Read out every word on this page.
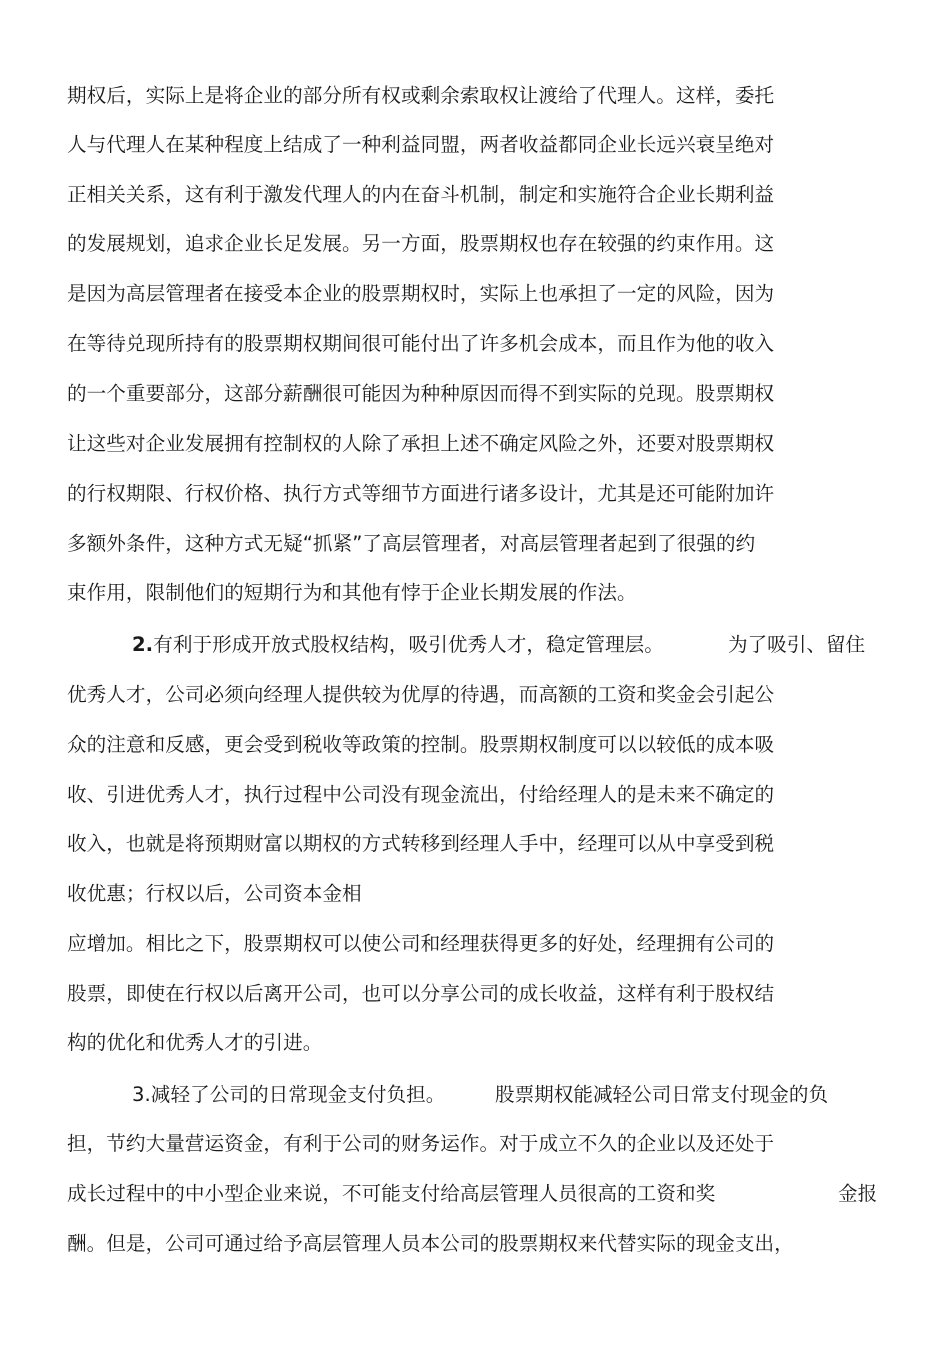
期权后，实际上是将企业的部分所有权或剩余索取权让渡给了代理人。这样，委托

人与代理人在某种程度上结成了一种利益同盟，两者收益都同企业长远兴衰呈绝对

正相关关系，这有利于激发代理人的内在奋斗机制，制定和实施符合企业长期利益

的发展规划，追求企业长足发展。另一方面，股票期权也存在较强的约束作用。这

是因为高层管理者在接受本企业的股票期权时，实际上也承担了一定的风险，因为

在等待兑现所持有的股票期权期间很可能付出了许多机会成本，而且作为他的收入

的一个重要部分，这部分薪酬很可能因为种种原因而得不到实际的兑现。股票期权

让这些对企业发展拥有控制权的人除了承担上述不确定风险之外，还要对股票期权

的行权期限、行权价格、执行方式等细节方面进行诸多设计，尤其是还可能附加许

多额外条件，这种方式无疑“抓紧”了高层管理者，对高层管理者起到了很强的约

束作用，限制他们的短期行为和其他有悖于企业长期发展的作法。

2.有利于形成开放式股权结构，吸引优秀人才，稳定管理层。	为了吸引、留住

优秀人才，公司必须向经理人提供较为优厚的待遇，而高额的工资和奖金会引起公

众的注意和反感，更会受到税收等政策的控制。股票期权制度可以以较低的成本吸

收、引进优秀人才，执行过程中公司没有现金流出，付给经理人的是未来不确定的

收入，也就是将预期财富以期权的方式转移到经理人手中，经理可以从中享受到税

收优惠；行权以后，公司资本金相

应增加。相比之下，股票期权可以使公司和经理获得更多的好处，经理拥有公司的

股票，即使在行权以后离开公司，也可以分享公司的成长收益，这样有利于股权结

构的优化和优秀人才的引进。

3.减轻了公司的日常现金支付负担。	股票期权能减轻公司日常支付现金的负

担，节约大量营运资金，有利于公司的财务运作。对于成立不久的企业以及还处于

成长过程中的中小型企业来说，不可能支付给高层管理人员很高的工资和奖	金报

酬。但是，公司可通过给予高层管理人员本公司的股票期权来代替实际的现金支出，
